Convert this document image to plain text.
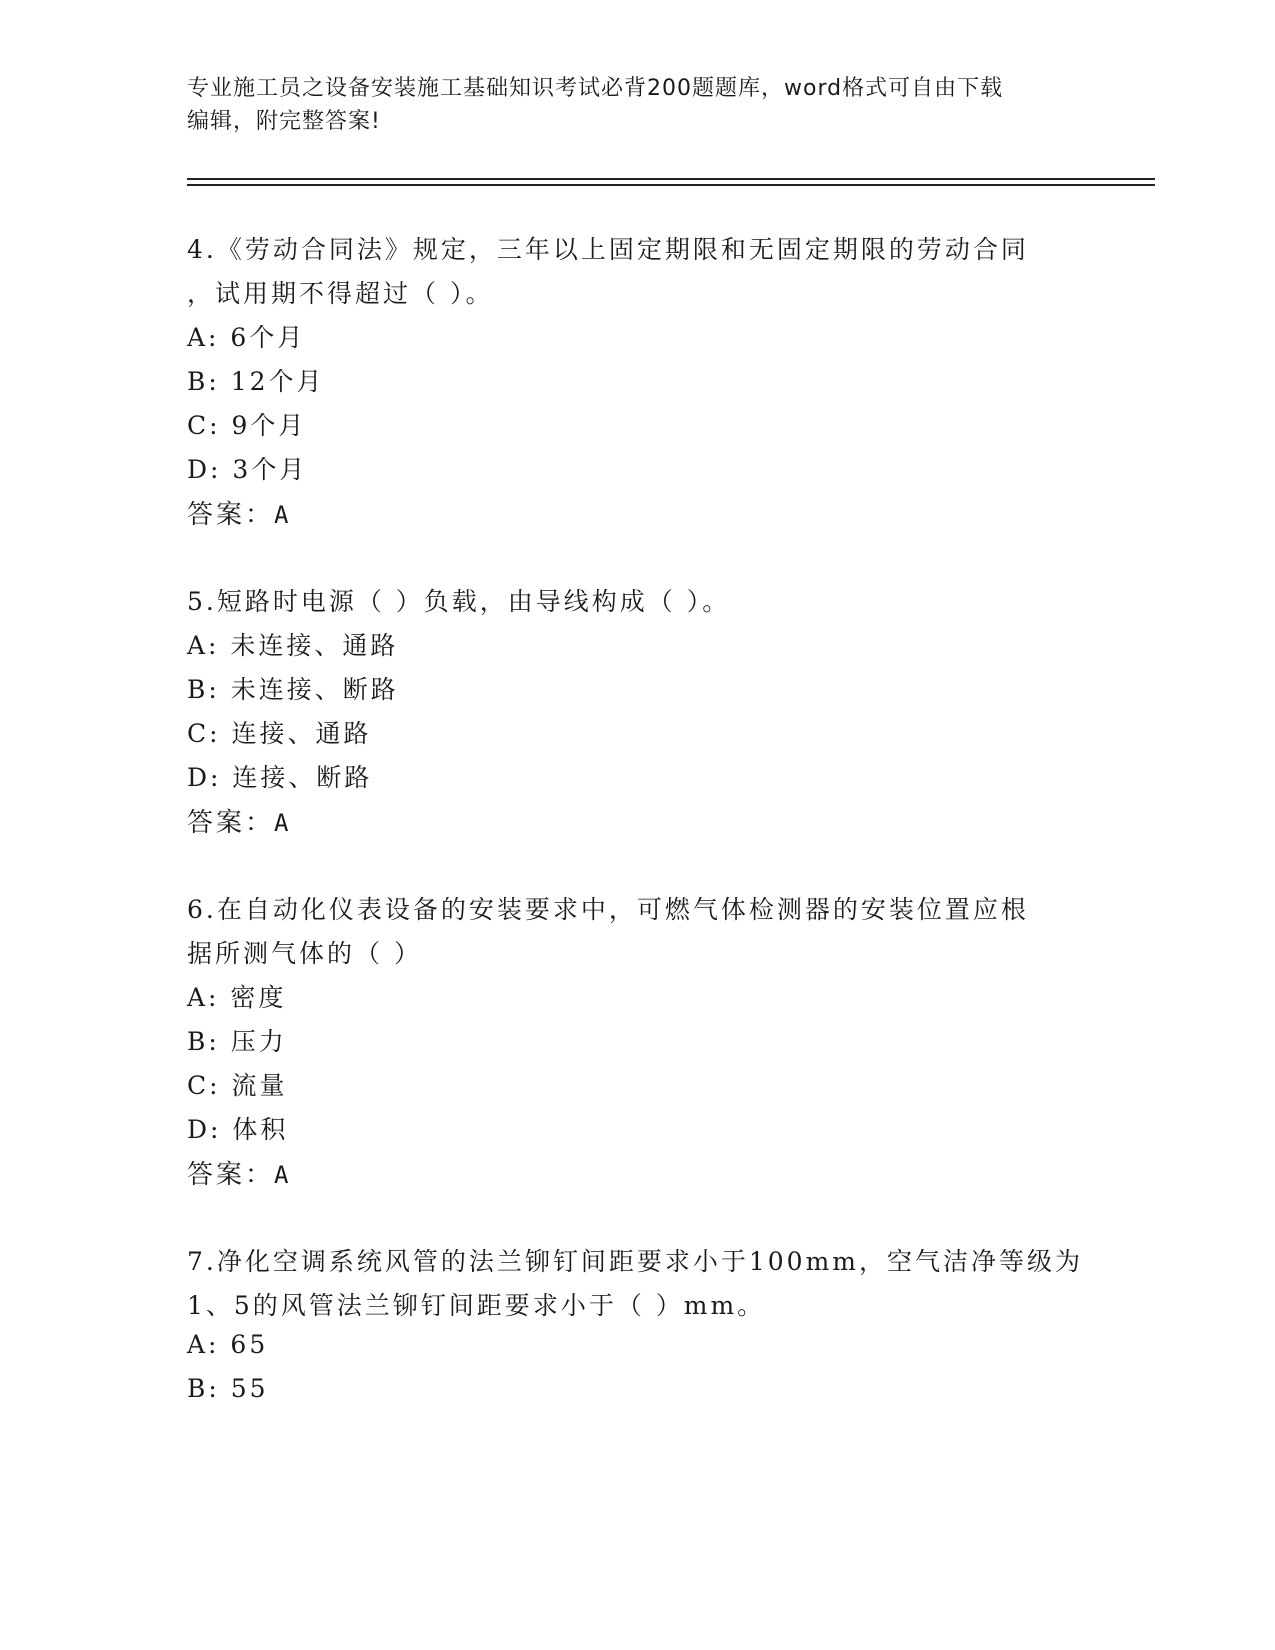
专业施工员之设备安装施工基础知识考试必背200题题库，word格式可自由下载
编辑，附完整答案!
4.《劳动合同法》规定，三年以上固定期限和无固定期限的劳动合同
，试用期不得超过（ ）。
A: 6个月
B: 12个月
C: 9个月
D: 3个月
答案：A
5.短路时电源（ ）负载，由导线构成（ ）。
A: 未连接、通路
B: 未连接、断路
C: 连接、通路
D: 连接、断路
答案：A
6.在自动化仪表设备的安装要求中，可燃气体检测器的安装位置应根
据所测气体的（ ）
A: 密度
B: 压力
C: 流量
D: 体积
答案：A
7.净化空调系统风管的法兰铆钉间距要求小于100mm，空气洁净等级为
1、5的风管法兰铆钉间距要求小于（ ）mm。
A: 65
B: 55
